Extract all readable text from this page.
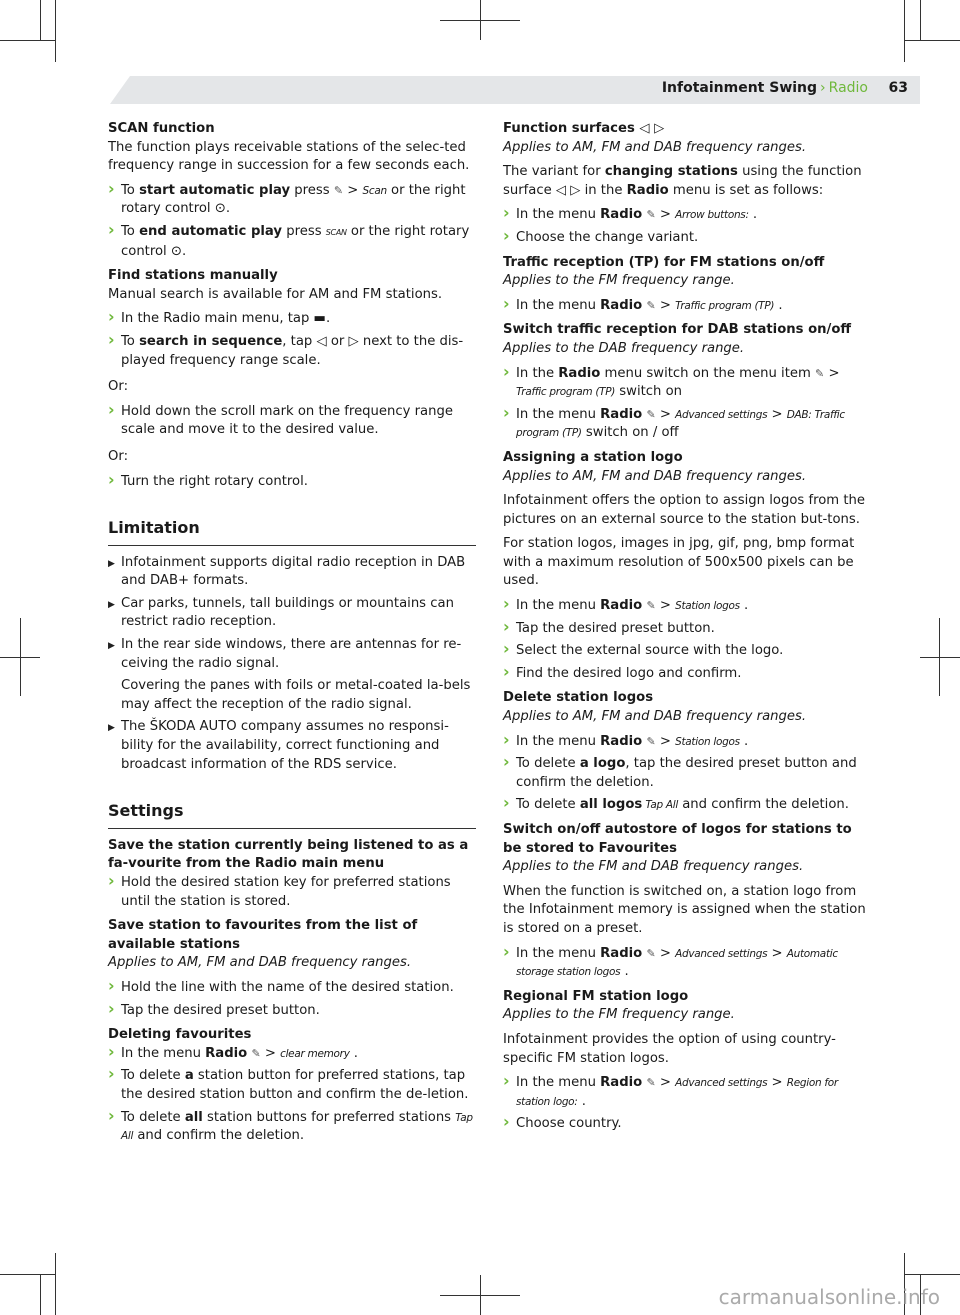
Infotainment Swing › Radio 63
SCAN function

The function plays receivable stations of the selec-ted frequency range in succession for a few seconds each.

› To start automatic play press ✎ > Scan or the right rotary control ⊙.
› To end automatic play press SCAN or the right rotary control ⊙.
Find stations manually

Manual search is available for AM and FM stations.

› In the Radio main menu, tap ▬.
› To search in sequence, tap ◁ or ▷ next to the dis-played frequency range scale.

Or:

› Hold down the scroll mark on the frequency range scale and move it to the desired value.

Or:

› Turn the right rotary control.
Limitation
▶ Infotainment supports digital radio reception in DAB and DAB+ formats.
▶ Car parks, tunnels, tall buildings or mountains can restrict radio reception.
▶ In the rear side windows, there are antennas for re-ceiving the radio signal.
Covering the panes with foils or metal-coated la-bels may affect the reception of the radio signal.
▶ The ŠKODA AUTO company assumes no responsi-bility for the availability, correct functioning and broadcast information of the RDS service.
Settings
Save the station currently being listened to as a fa-vourite from the Radio main menu
› Hold the desired station key for preferred stations until the station is stored.
Save station to favourites from the list of available stations

Applies to AM, FM and DAB frequency ranges.

› Hold the line with the name of the desired station.
› Tap the desired preset button.
Deleting favourites
› In the menu Radio ✎ > clear memory .
› To delete a station button for preferred stations, tap the desired station button and confirm the de-letion.
› To delete all station buttons for preferred stations Tap All and confirm the deletion.
Function surfaces ◁ ▷

Applies to AM, FM and DAB frequency ranges.

The variant for changing stations using the function surface ◁ ▷ in the Radio menu is set as follows:

› In the menu Radio ✎ > Arrow buttons: .
› Choose the change variant.
Traffic reception (TP) for FM stations on/off

Applies to the FM frequency range.

› In the menu Radio ✎ > Traffic program (TP) .
Switch traffic reception for DAB stations on/off

Applies to the DAB frequency range.

› In the Radio menu switch on the menu item ✎ > Traffic program (TP) switch on
› In the menu Radio ✎ > Advanced settings > DAB: Traffic program (TP) switch on / off
Assigning a station logo

Applies to AM, FM and DAB frequency ranges.

Infotainment offers the option to assign logos from the pictures on an external source to the station but-tons.

For station logos, images in jpg, gif, png, bmp format with a maximum resolution of 500x500 pixels can be used.

› In the menu Radio ✎ > Station logos .
› Tap the desired preset button.
› Select the external source with the logo.
› Find the desired logo and confirm.
Delete station logos

Applies to AM, FM and DAB frequency ranges.

› In the menu Radio ✎ > Station logos .
› To delete a logo, tap the desired preset button and confirm the deletion.
› To delete all logos Tap All and confirm the deletion.
Switch on/off autostore of logos for stations to be stored to Favourites

Applies to the FM and DAB frequency ranges.

When the function is switched on, a station logo from the Infotainment memory is assigned when the station is stored on a preset.

› In the menu Radio ✎ > Advanced settings > Automatic storage station logos .
Regional FM station logo

Applies to the FM frequency range.

Infotainment provides the option of using country-specific FM station logos.

› In the menu Radio ✎ > Advanced settings > Region for station logo: .
› Choose country.
carmanualsonline.info
